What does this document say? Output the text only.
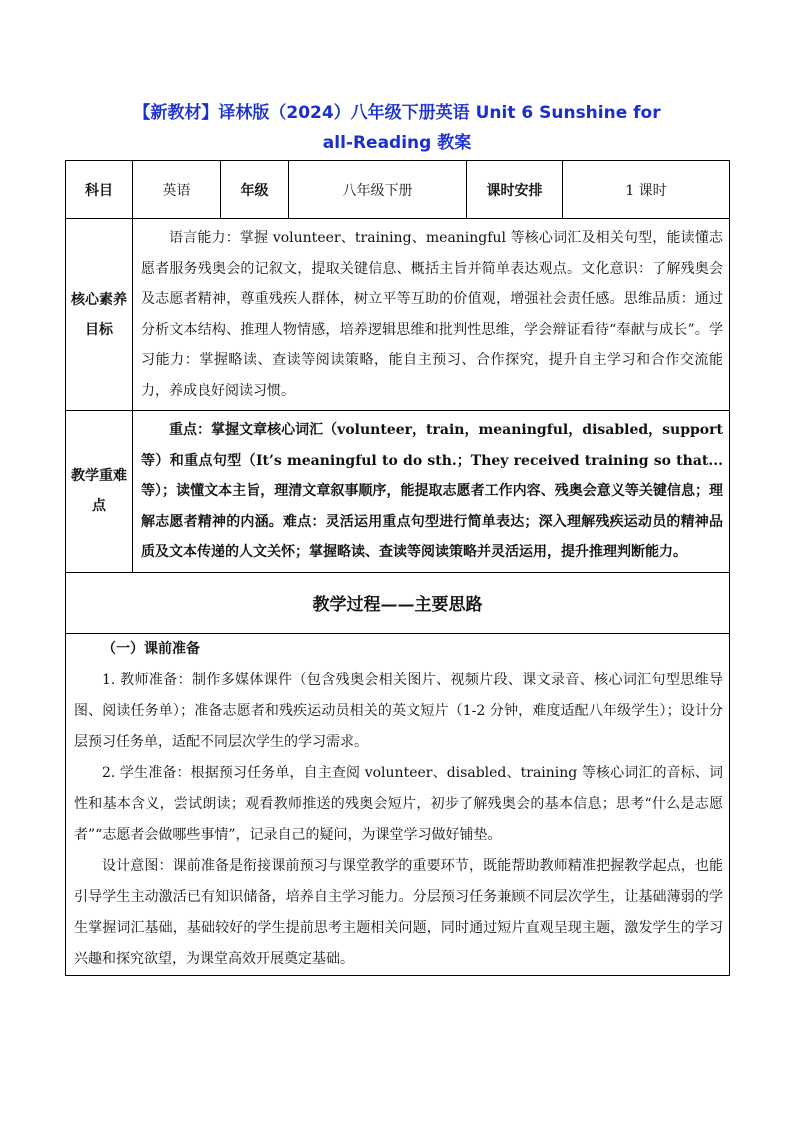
【新教材】译林版（2024）八年级下册英语 Unit 6 Sunshine for
all-Reading 教案
科目	英语	年级	八年级下册	课时安排	1 课时
核心素养目标	语言能力：掌握 volunteer、training、meaningful 等核心词汇及相关句型，能读懂志愿者服务残奥会的记叙文，提取关键信息、概括主旨并简单表达观点。文化意识：了解残奥会及志愿者精神，尊重残疾人群体，树立平等互助的价值观，增强社会责任感。思维品质：通过分析文本结构、推理人物情感，培养逻辑思维和批判性思维，学会辩证看待“奉献与成长”。学习能力：掌握略读、查读等阅读策略，能自主预习、合作探究，提升自主学习和合作交流能力，养成良好阅读习惯。				
教学重难点	重点：掌握文章核心词汇（volunteer，train，meaningful，disabled，support 等）和重点句型（It’s meaningful to do sth.；They received training so that... 等）；读懂文本主旨，理清文章叙事顺序，能提取志愿者工作内容、残奥会意义等关键信息；理解志愿者精神的内涵。难点：灵活运用重点句型进行简单表达；深入理解残疾运动员的精神品质及文本传递的人文关怀；掌握略读、查读等阅读策略并灵活运用，提升推理判断能力。				
教学过程——主要思路					

（一）课前准备

1. 教师准备：制作多媒体课件（包含残奥会相关图片、视频片段、课文录音、核心词汇句型思维导图、阅读任务单）；准备志愿者和残疾运动员相关的英文短片（1-2 分钟，难度适配八年级学生）；设计分层预习任务单，适配不同层次学生的学习需求。

2. 学生准备：根据预习任务单，自主查阅 volunteer、disabled、training 等核心词汇的音标、词性和基本含义，尝试朗读；观看教师推送的残奥会短片，初步了解残奥会的基本信息；思考“什么是志愿者”“志愿者会做哪些事情”，记录自己的疑问，为课堂学习做好铺垫。

设计意图：课前准备是衔接课前预习与课堂教学的重要环节，既能帮助教师精准把握教学起点，也能引导学生主动激活已有知识储备，培养自主学习能力。分层预习任务兼顾不同层次学生，让基础薄弱的学生掌握词汇基础，基础较好的学生提前思考主题相关问题，同时通过短片直观呈现主题，激发学生的学习兴趣和探究欲望，为课堂高效开展奠定基础。					
